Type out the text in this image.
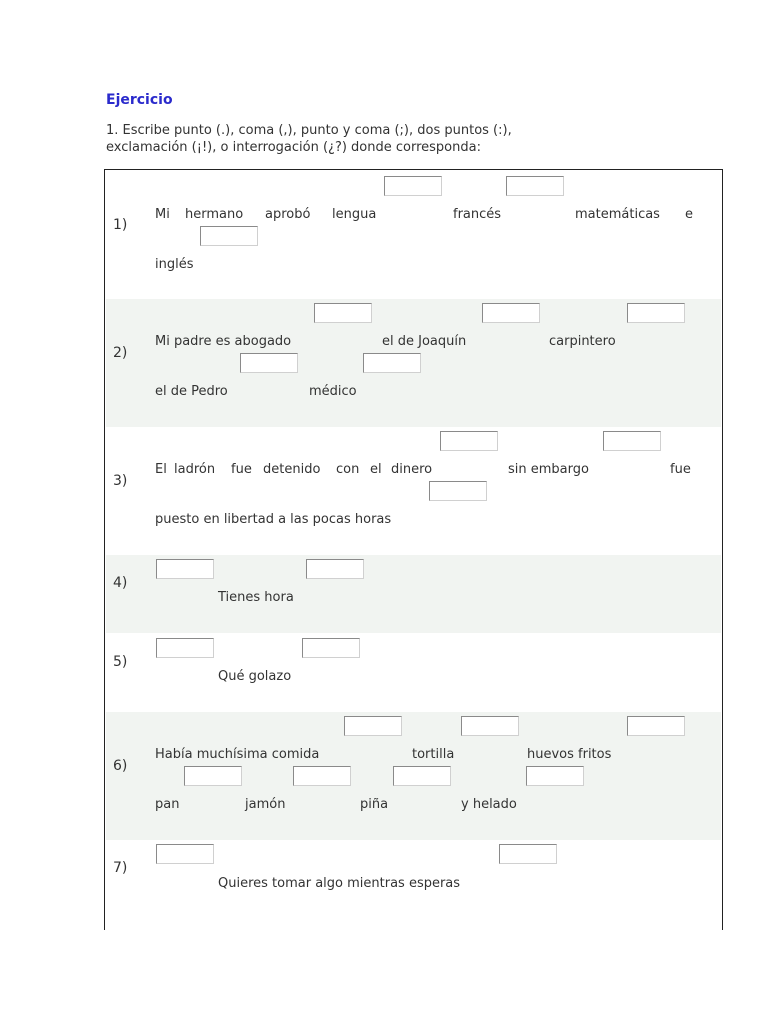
Ejercicio
1. Escribe punto (.), coma (,), punto y coma (;), dos puntos (:),
exclamación (¡!), o interrogación (¿?) donde corresponda:
1)
Mi hermano aprobó lengua	francés	matemáticas e
inglés
2)
Mi padre es abogado	el de Joaquín	carpintero
el de Pedro	médico
3)
El ladrón fue detenido con el dinero	sin embargo	fue
puesto en libertad a las pocas horas
4)
Tienes hora
5)
Qué golazo
6)
Había muchísima comida	tortilla	huevos fritos
pan	jamón	piña	y helado
7)
Quieres tomar algo mientras esperas
